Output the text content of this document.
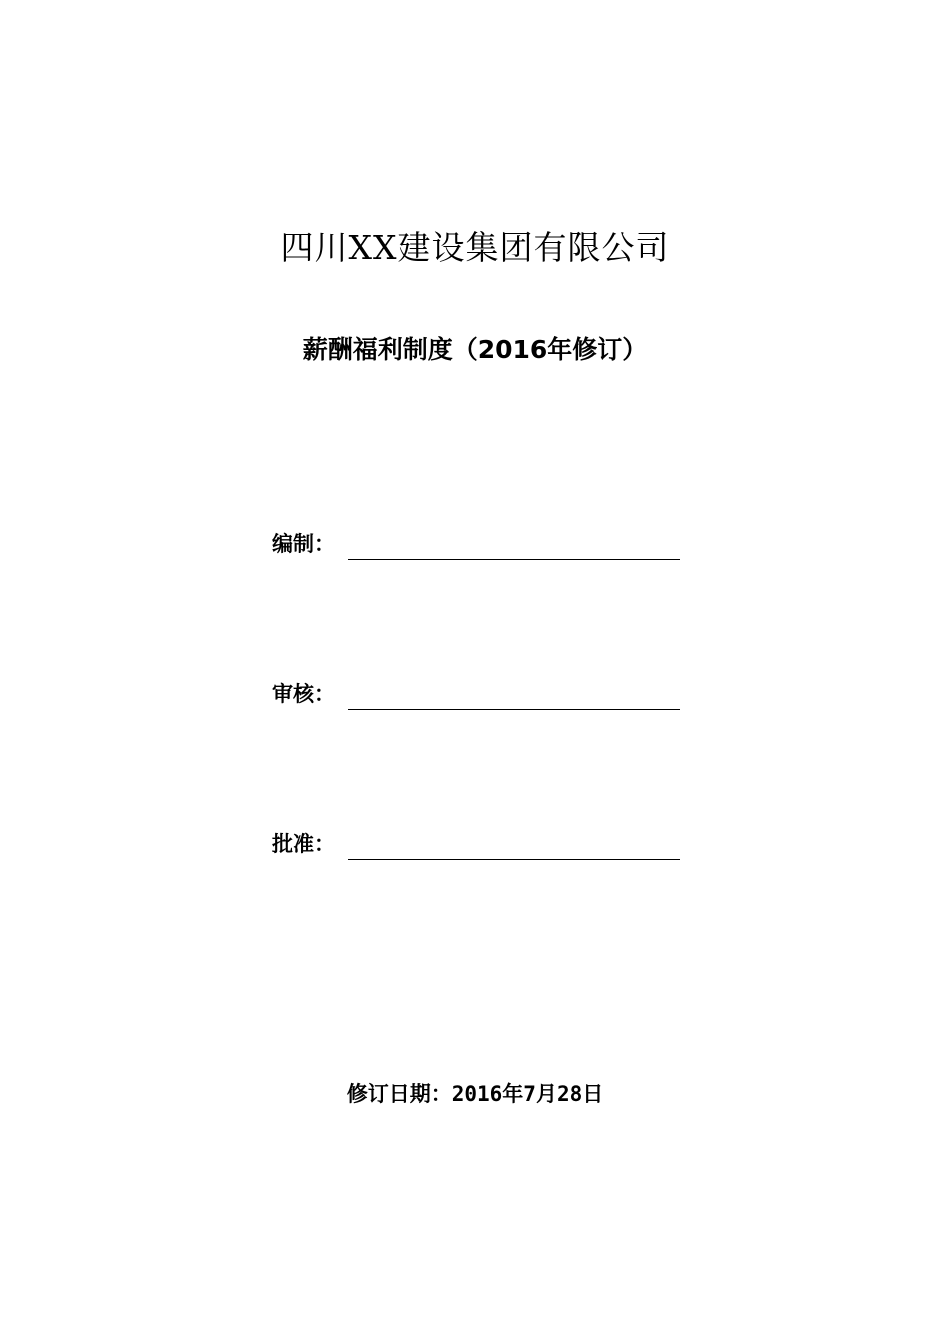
四川XX建设集团有限公司
薪酬福利制度（2016年修订）
编制：
审核：
批准：
修订日期：2016年7月28日
